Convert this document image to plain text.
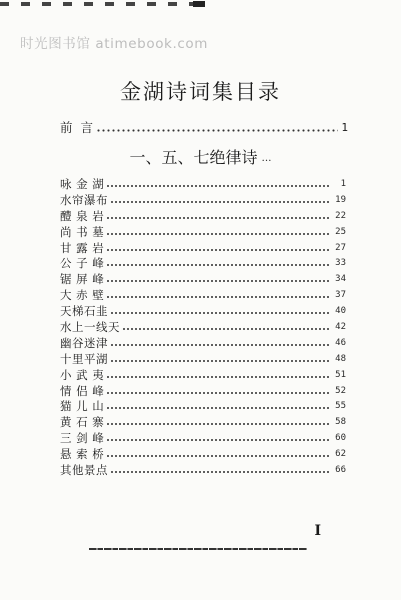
时光图书馆 atimebook.com
金湖诗词集目录
前  言	1
一、五、七绝律诗 …
咏 金 湖	1
水帘瀑布	19
醴 泉 岩	22
尚 书 墓	25
甘 露 岩	27
公 子 峰	33
锯 屏 峰	34
大 赤 壁	37
天梯石韭	40
水上一线天	42
幽谷迷津	46
十里平湖	48
小 武 夷	51
情 侣 峰	52
猫 儿 山	55
黄 石 寨	58
三 剑 峰	60
悬 索 桥	62
其他景点	66
I
